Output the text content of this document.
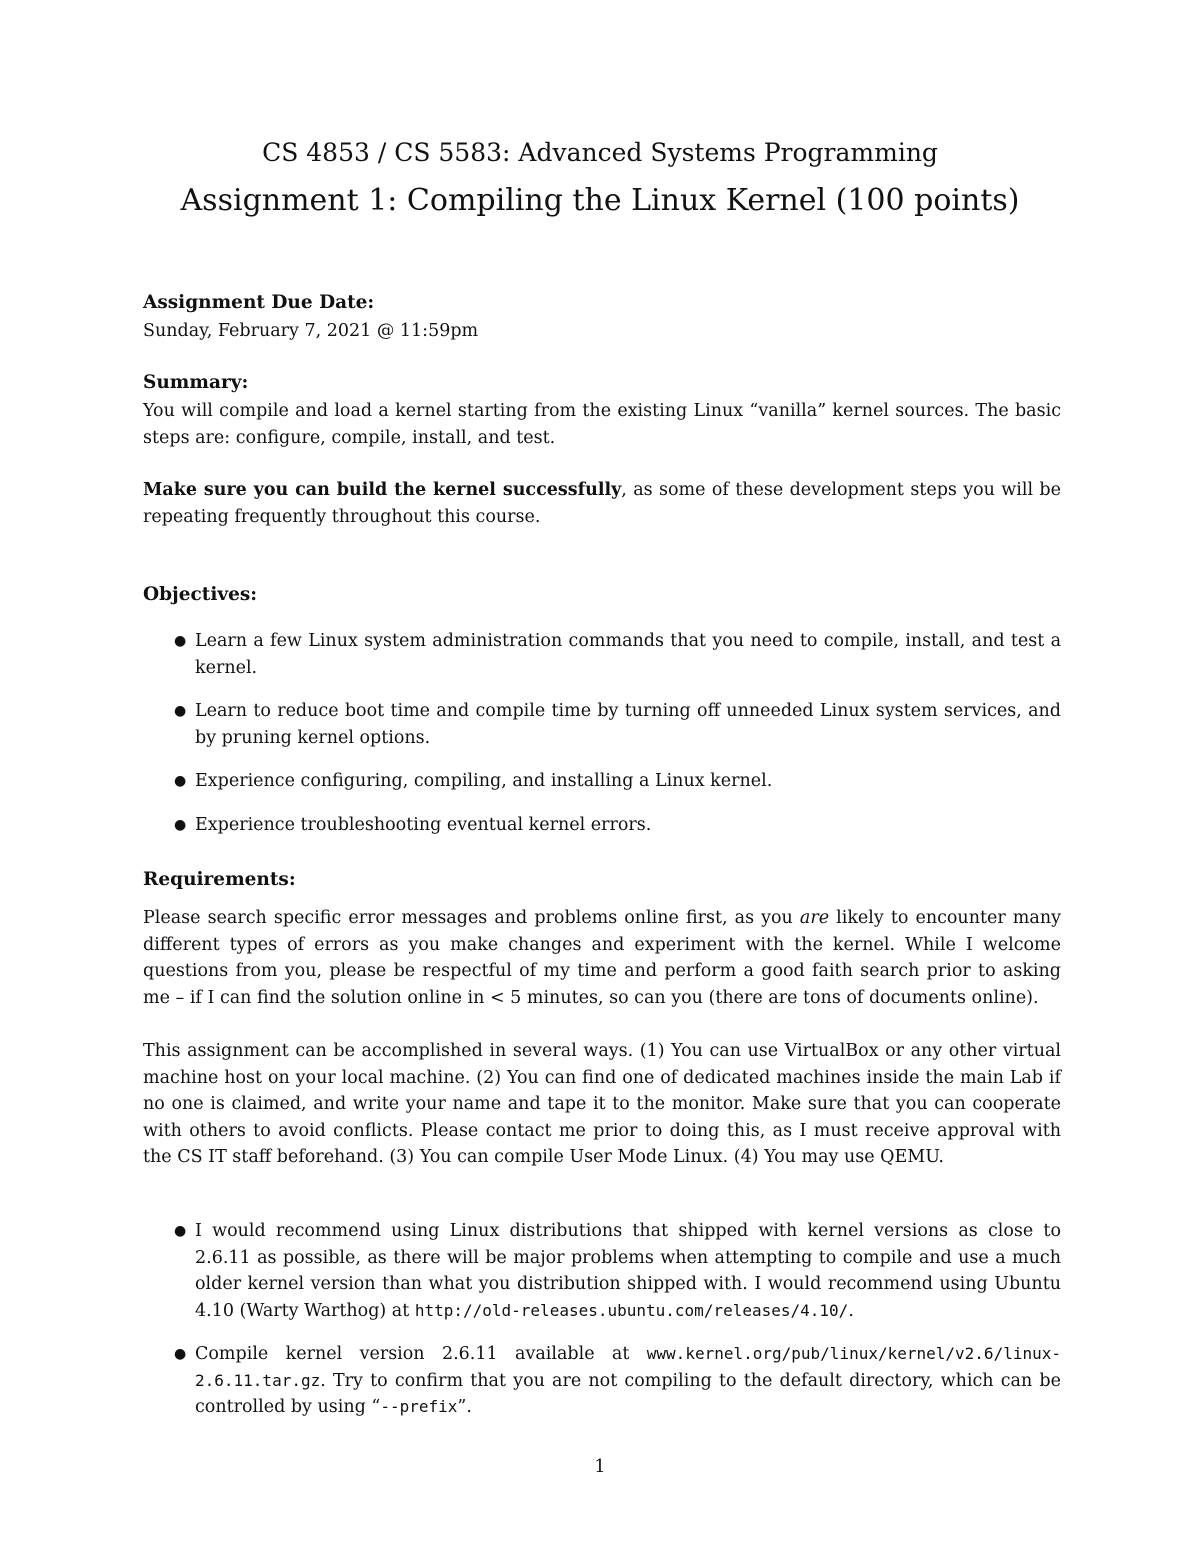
CS 4853 / CS 5583: Advanced Systems Programming
Assignment 1: Compiling the Linux Kernel (100 points)
Assignment Due Date:
Sunday, February 7, 2021 @ 11:59pm
Summary:
You will compile and load a kernel starting from the existing Linux “vanilla” kernel sources. The basic steps are: configure, compile, install, and test.
Make sure you can build the kernel successfully, as some of these development steps you will be repeating frequently throughout this course.
Objectives:
● Learn a few Linux system administration commands that you need to compile, install, and test a kernel.
● Learn to reduce boot time and compile time by turning off unneeded Linux system services, and by pruning kernel options.
● Experience configuring, compiling, and installing a Linux kernel.
● Experience troubleshooting eventual kernel errors.
Requirements:
Please search specific error messages and problems online first, as you are likely to encounter many different types of errors as you make changes and experiment with the kernel. While I welcome questions from you, please be respectful of my time and perform a good faith search prior to asking me – if I can find the solution online in < 5 minutes, so can you (there are tons of documents online).
This assignment can be accomplished in several ways. (1) You can use VirtualBox or any other virtual machine host on your local machine. (2) You can find one of dedicated machines inside the main Lab if no one is claimed, and write your name and tape it to the monitor. Make sure that you can cooperate with others to avoid conflicts. Please contact me prior to doing this, as I must receive approval with the CS IT staff beforehand. (3) You can compile User Mode Linux. (4) You may use QEMU.
● I would recommend using Linux distributions that shipped with kernel versions as close to 2.6.11 as possible, as there will be major problems when attempting to compile and use a much older kernel version than what you distribution shipped with. I would recommend using Ubuntu 4.10 (Warty Warthog) at http://old-releases.ubuntu.com/releases/4.10/.
● Compile kernel version 2.6.11 available at www.kernel.org/pub/linux/kernel/v2.6/linux-2.6.11.tar.gz. Try to confirm that you are not compiling to the default directory, which can be controlled by using “--prefix”.
1
